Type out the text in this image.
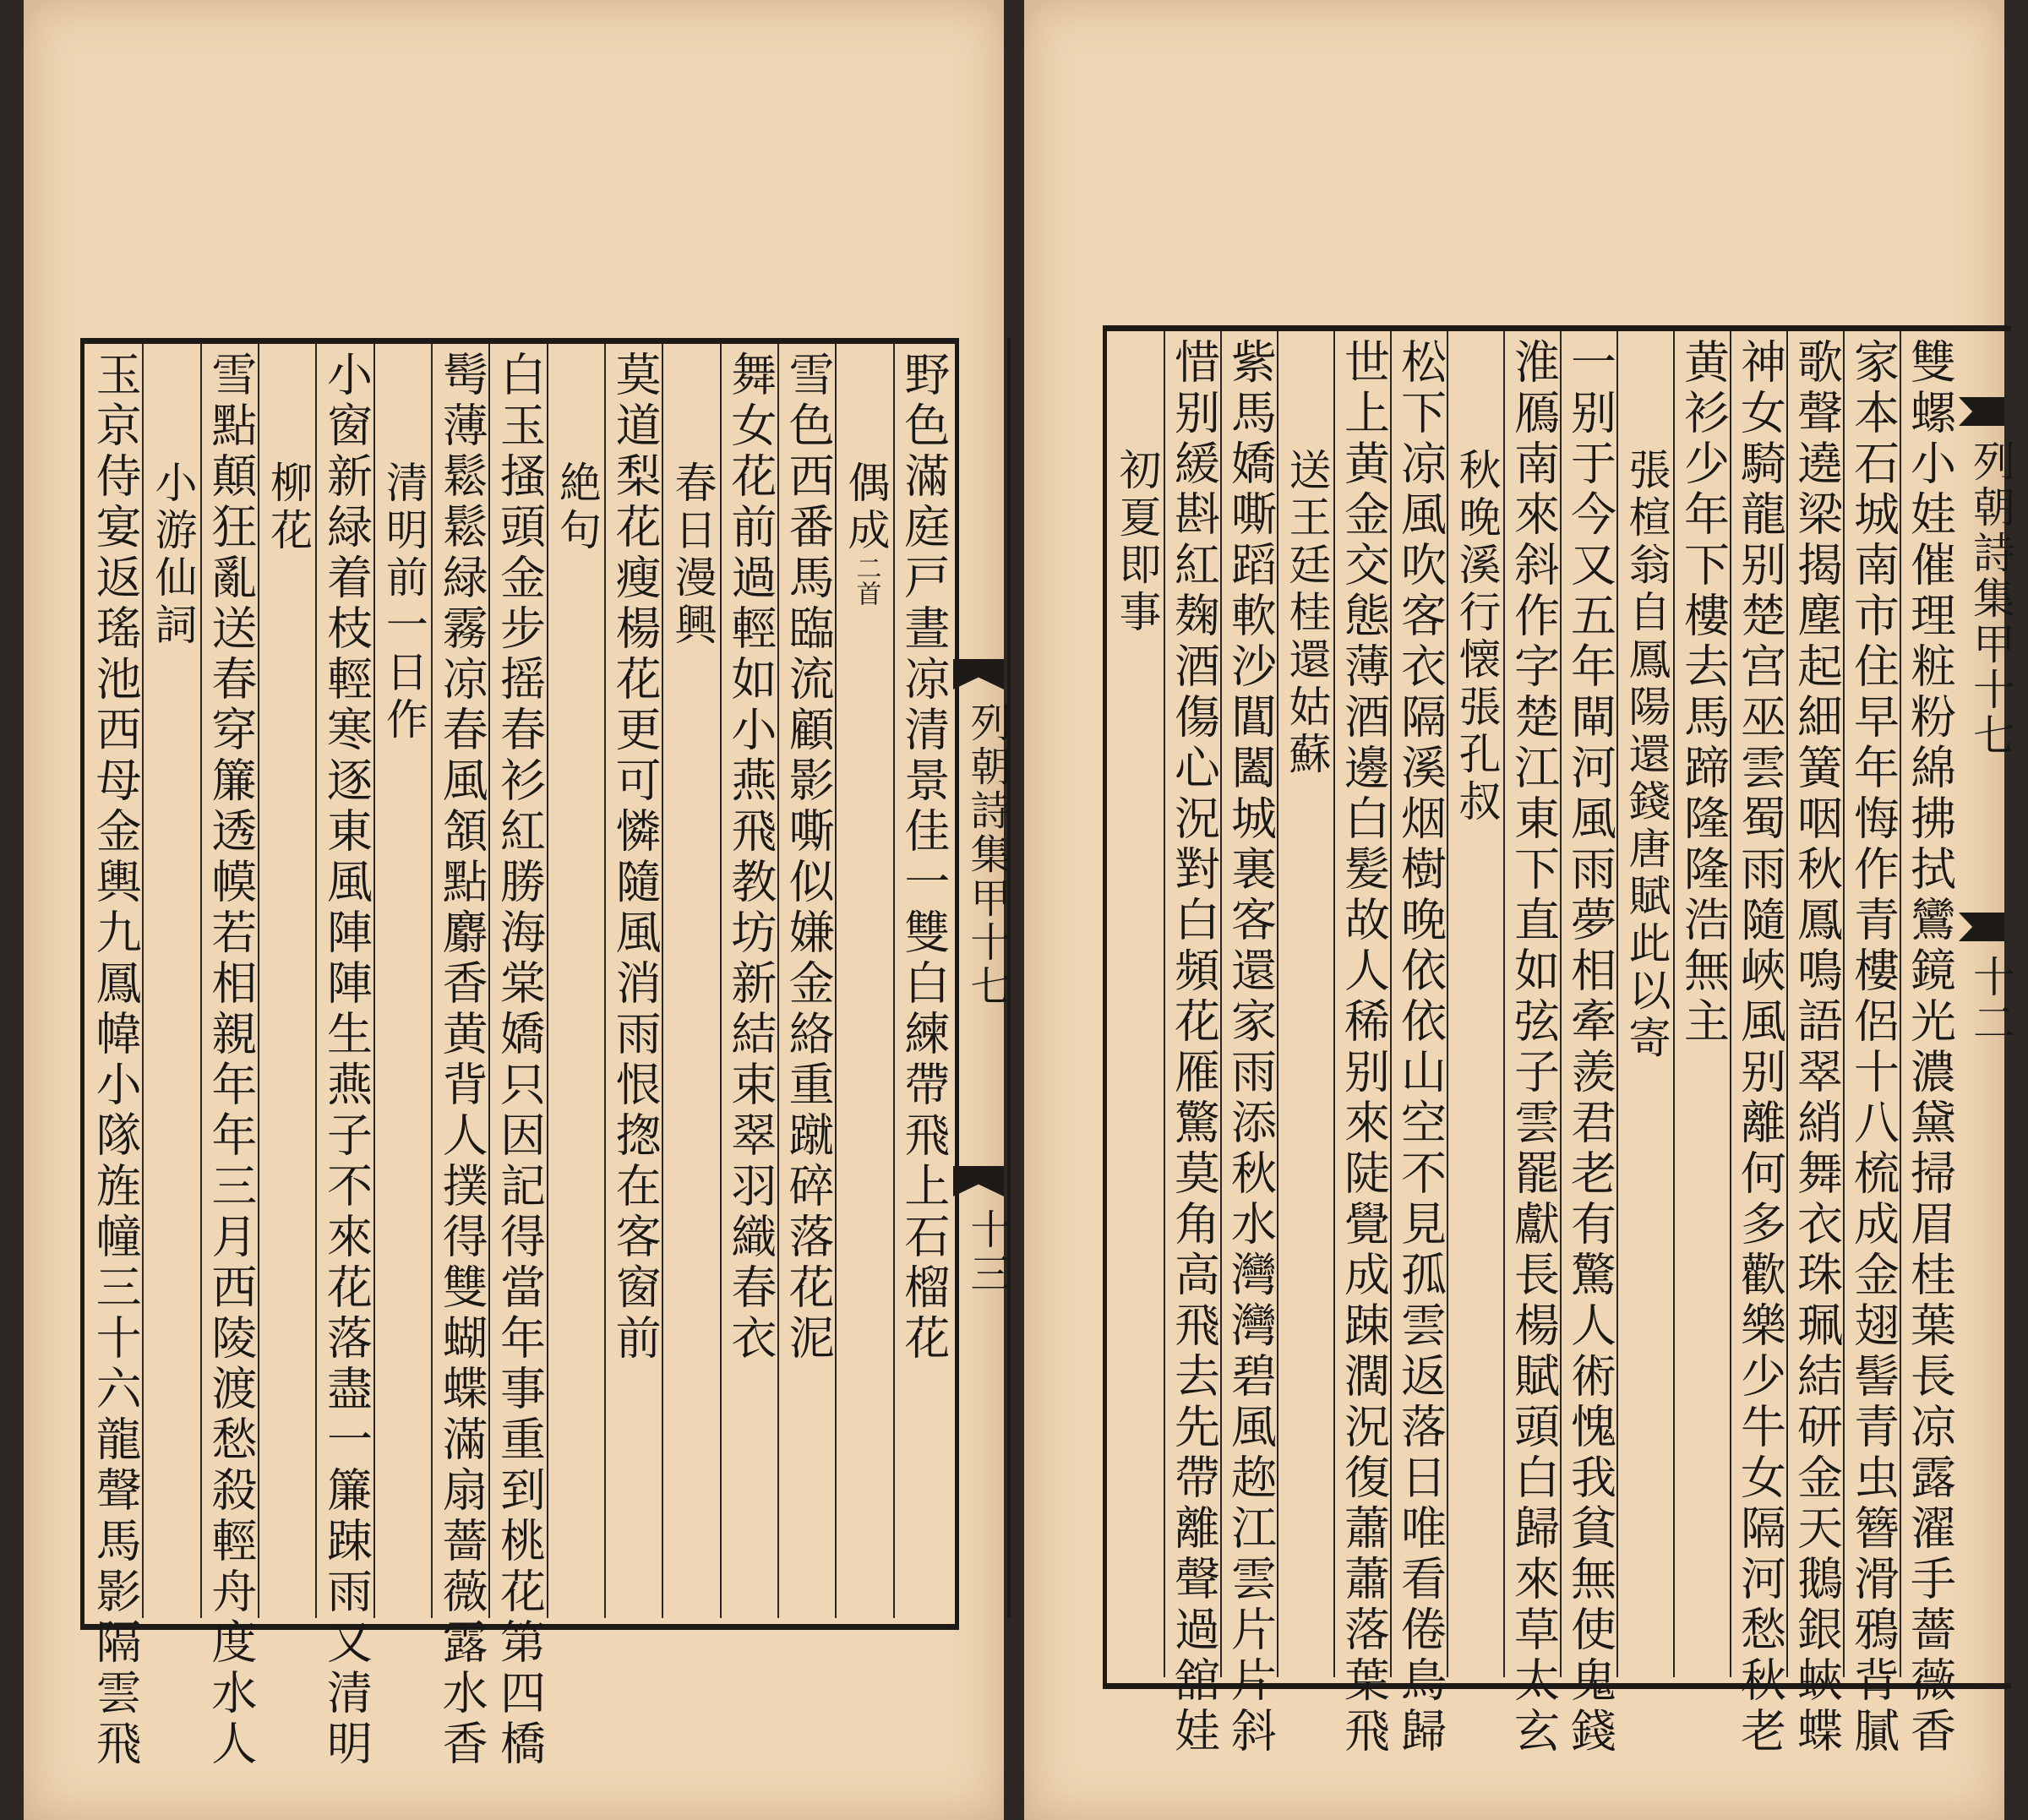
野色滿庭戸晝凉清景佳一雙白練帶飛上石榴花
偶成二首
雪色西番馬臨流顧影嘶似嫌金絡重蹴碎落花泥
舞女花前過輕如小燕飛教坊新結束翠羽織春衣
春日漫興
莫道梨花瘦楊花更可憐隨風消雨恨揔在客窗前
絶句
白玉搔頭金步摇春衫紅勝海棠嬌只因記得當年事重到桃花第四橋
髩薄鬆鬆緑霧凉春風頷點麝香黄背人撲得雙蝴蝶滿扇薔薇露水香
清明前一日作
小窗新緑着枝輕寒逐東風陣陣生燕子不來花落盡一簾踈雨又清明
柳花
雪點顛狂亂送春穿簾透幙若相親年年三月西陵渡愁殺輕舟度水人
小游仙詞
玉京侍宴返瑤池西母金輿九鳳幃小隊旌幢三十六龍聲馬影隔雲飛	列朝詩集甲十七
十三	雙螺小娃催理粧粉綿拂拭鸞鏡光濃黛掃眉桂葉長凉露濯手薔薇香
家本石城南市住早年悔作青樓侶十八梳成金翅髻青虫簪滑鴉背膩
歌聲遶梁揭塵起細簧咽秋鳳鳴語翠綃舞衣珠珮結研金天鵝銀蛺蝶
神女騎龍别楚宫巫雲蜀雨隨峽風别離何多歡樂少牛女隔河愁秋老
黄衫少年下樓去馬蹄隆隆浩無主
張楦翁自鳳陽還錢唐賦此以寄
一别于今又五年閘河風雨夢相牽羨君老有驚人術愧我貧無使鬼錢
淮鴈南來斜作字楚江東下直如弦子雲罷獻長楊賦頭白歸來草太玄
秋晚溪行懐張孔叔
松下凉風吹客衣隔溪烟樹晚依依山空不見孤雲返落日唯看倦鳥歸
世上黄金交態薄酒邊白髪故人稀别來陡覺成踈濶況復蕭蕭落葉飛
送王廷桂還姑蘇
紫馬嬌嘶蹈軟沙閶闔城裏客還家雨添秋水灣灣碧風趂江雲片片斜
惜别緩斟紅麹酒傷心況對白頻花雁驚莫角高飛去先帶離聲過舘娃
初夏即事	列朝詩集甲十七
十二
